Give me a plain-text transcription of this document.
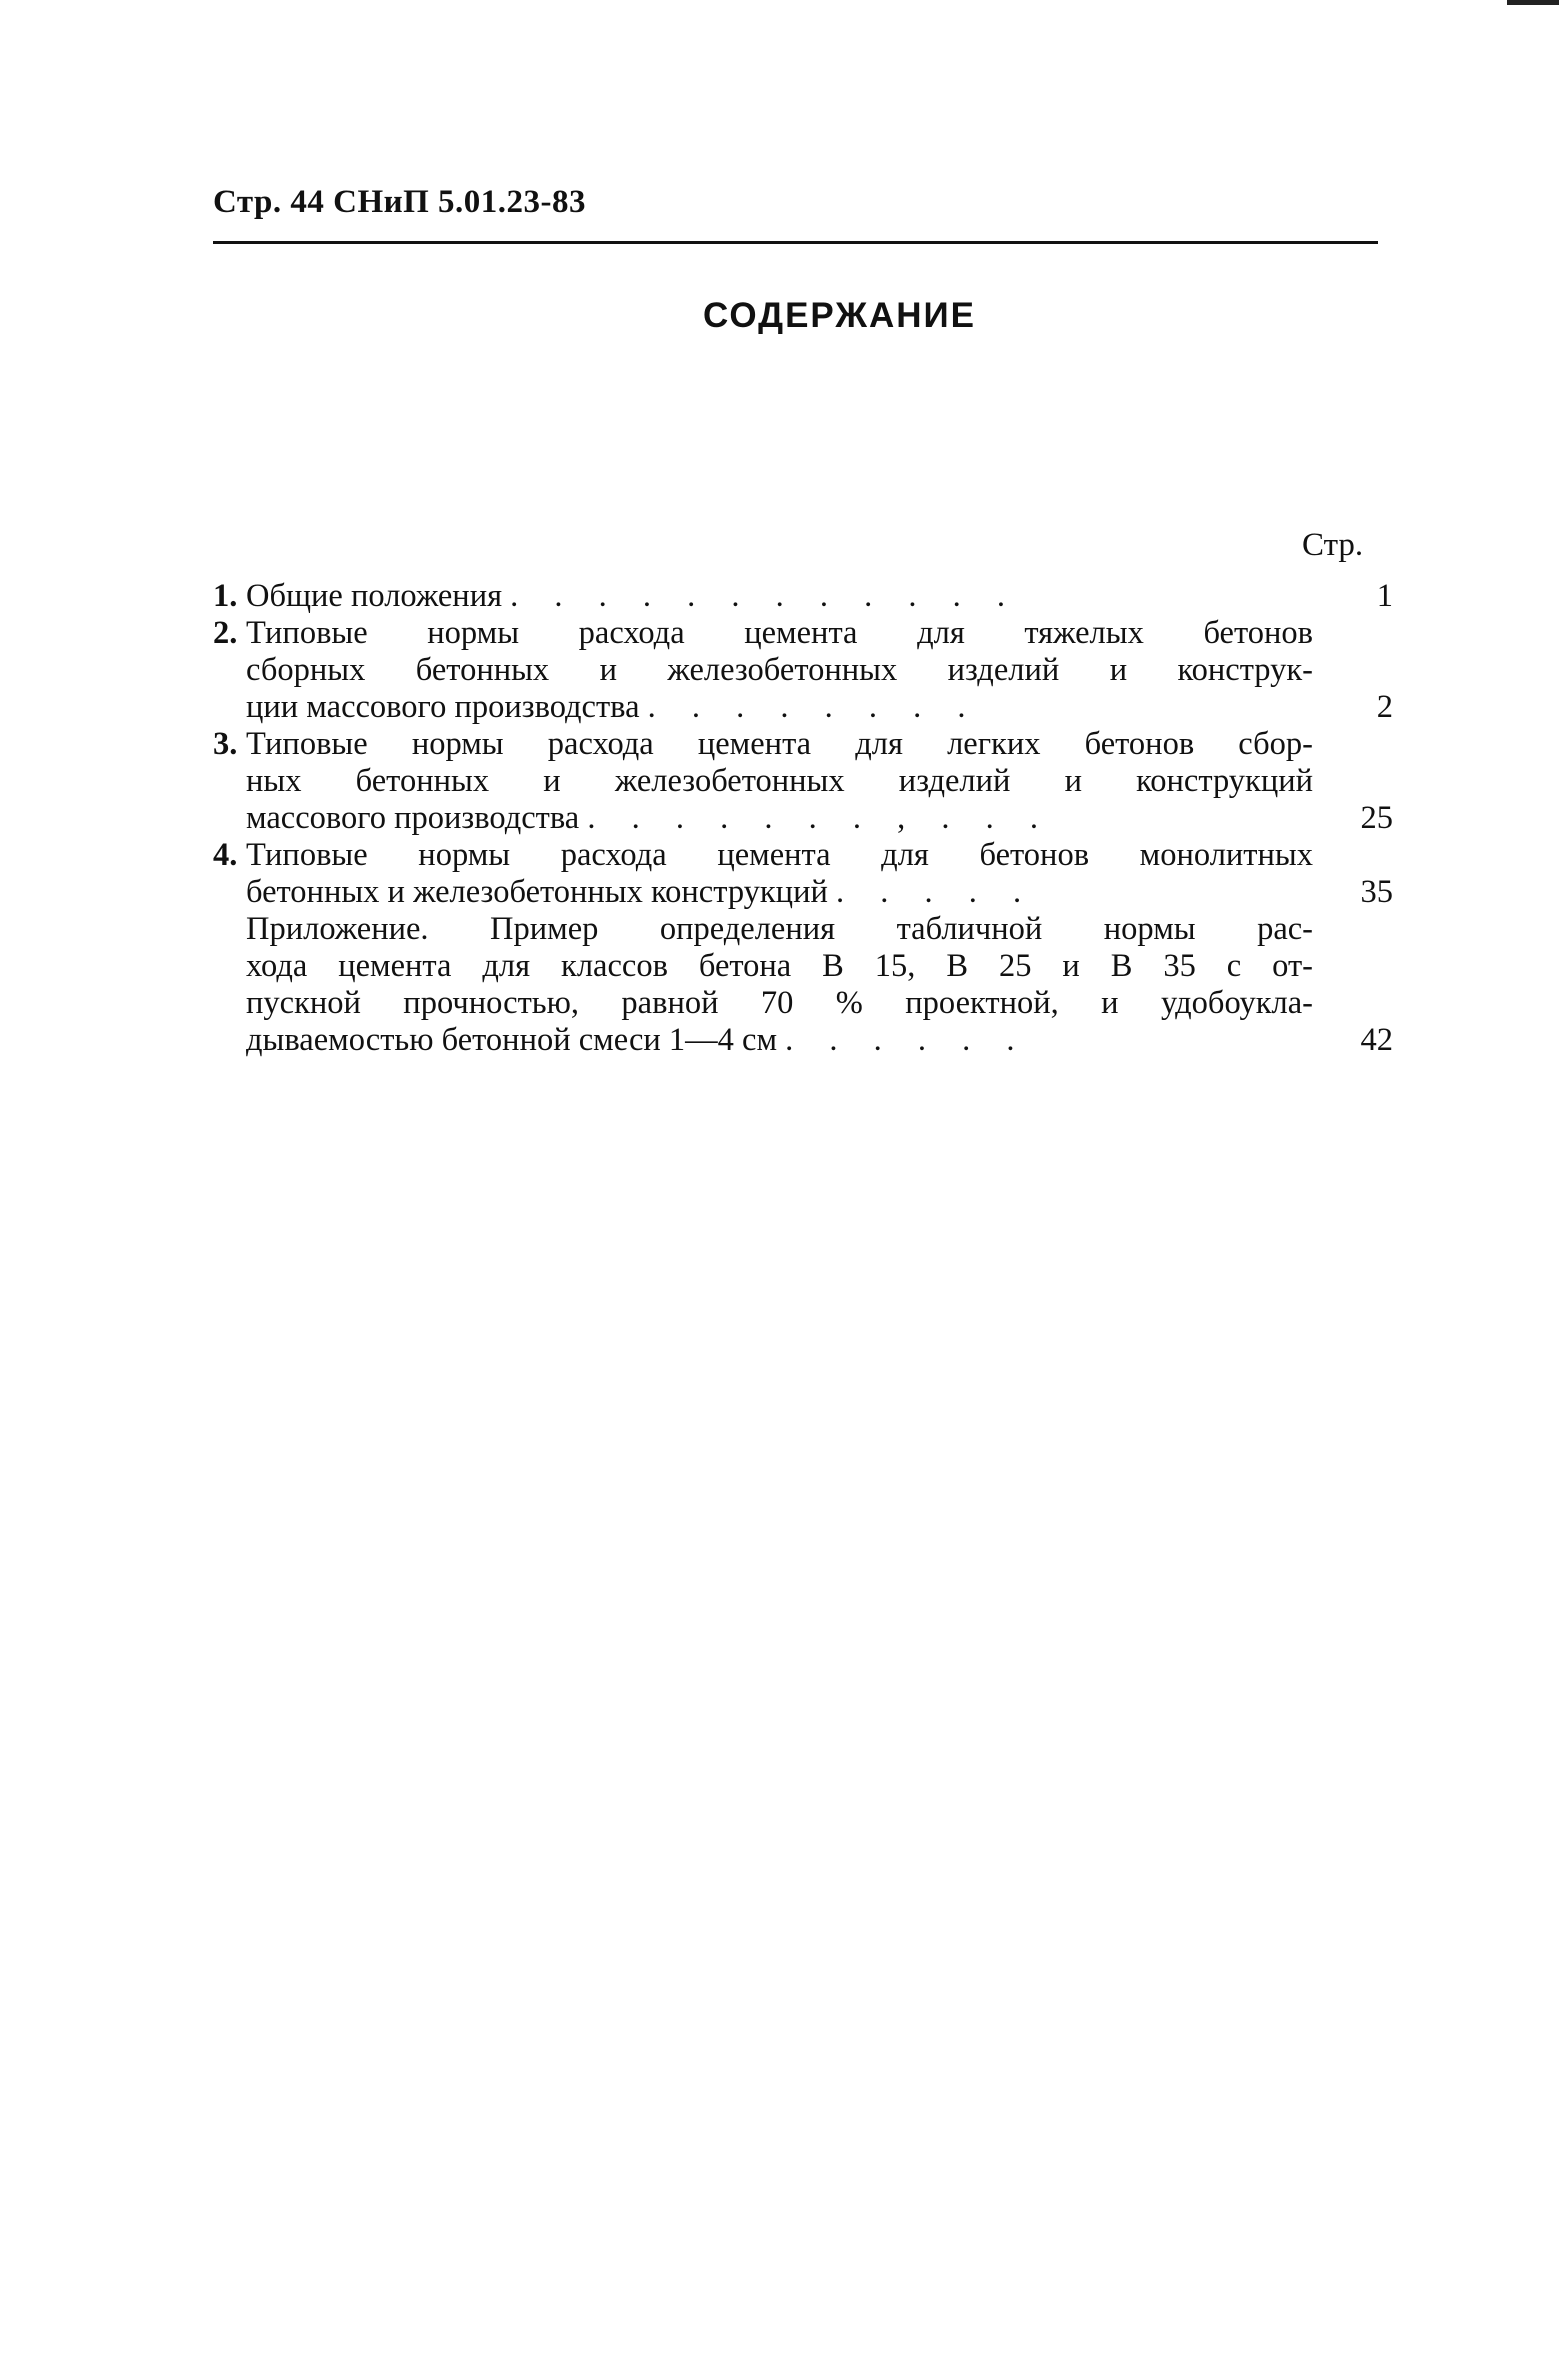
Стр. 44 СНиП 5.01.23-83
СОДЕРЖАНИЕ
Стр.
1. Общие положения . . . . . . . . . . . .	1
2. Типовые нормы расхода цемента для тяжелых бетонов
сборных бетонных и железобетонных изделий и конструк-
ции массового производства . . . . . . . .	2
3. Типовые нормы расхода цемента для легких бетонов сбор-
ных бетонных и железобетонных изделий и конструкций
массового производства . . . . . . . , . . .	25
4. Типовые нормы расхода цемента для бетонов монолитных
бетонных и железобетонных конструкций . . . . .	35
Приложение. Пример определения табличной нормы рас-
хода цемента для классов бетона В 15, В 25 и В 35 с от-
пускной прочностью, равной 70 % проектной, и удобоукла-
дываемостью бетонной смеси 1—4 см . . . . . .	42
